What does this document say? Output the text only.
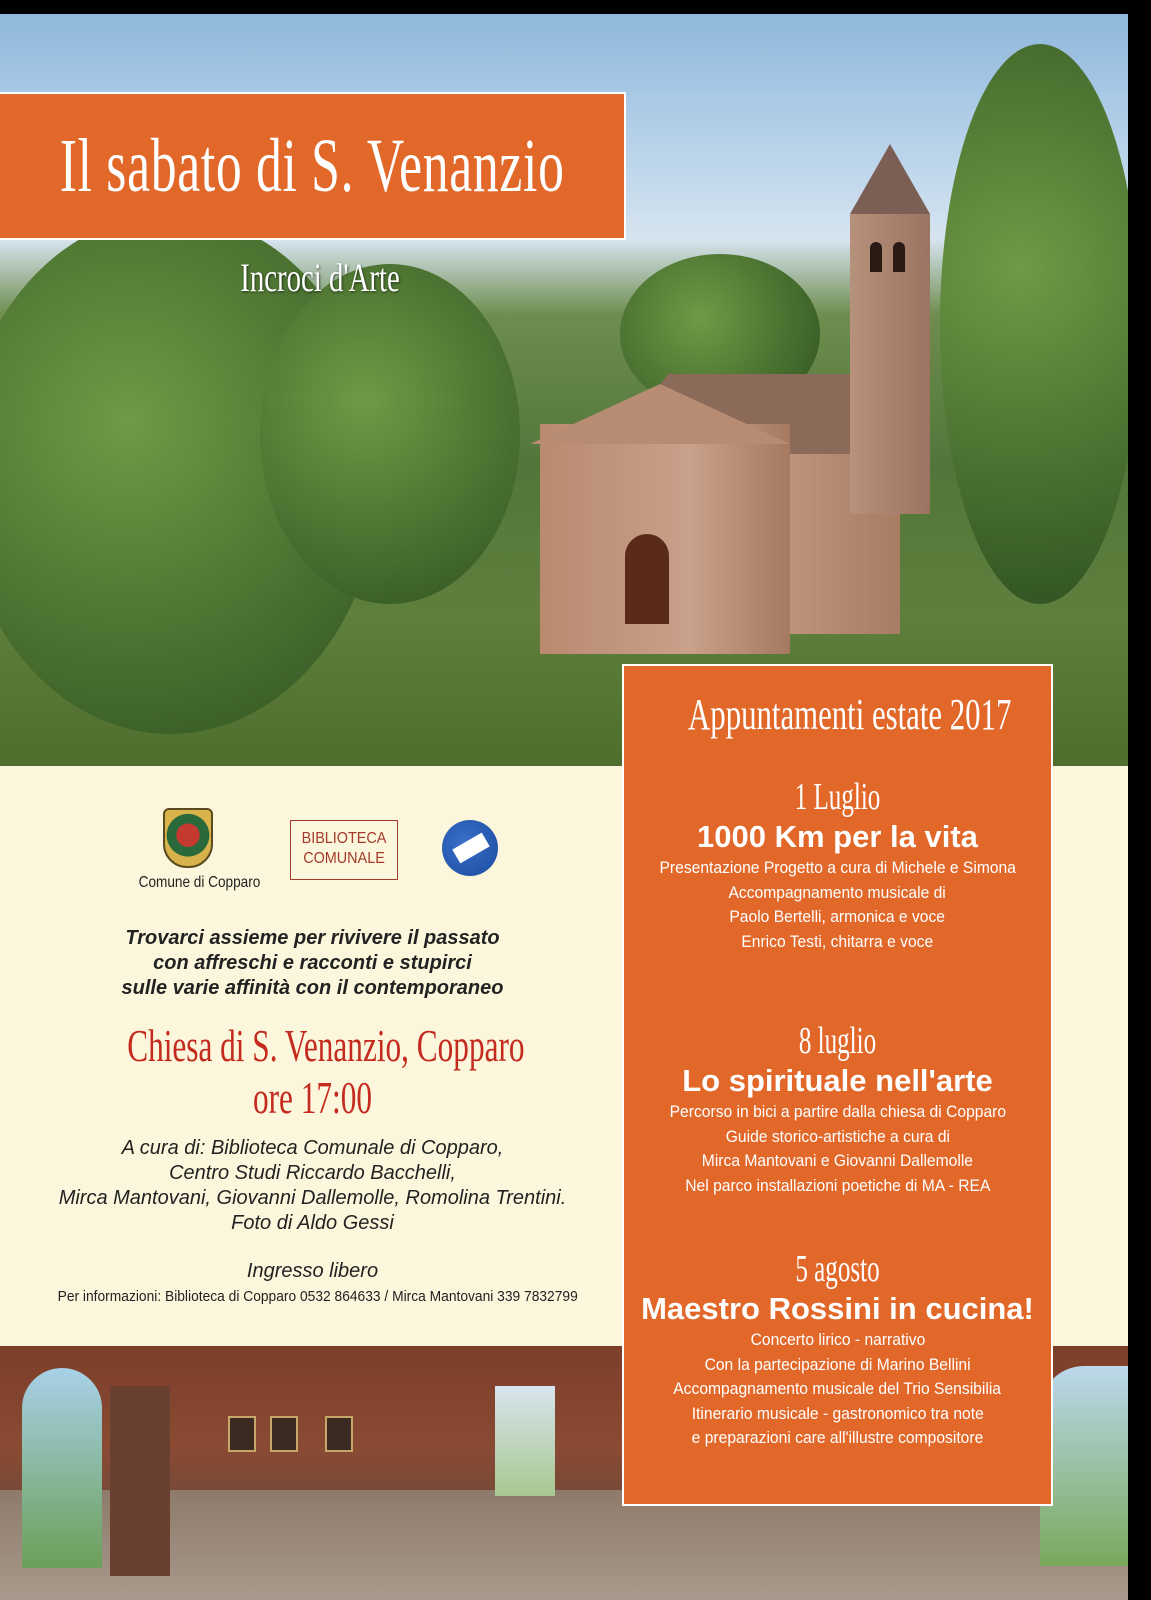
Il sabato di S. Venanzio
Incroci d'Arte
Comune di Copparo
BIBLIOTECA
COMUNALE
Trovarci assieme per rivivere il passato
con affreschi e racconti e stupirci
sulle varie affinità con il contemporaneo
Chiesa di S. Venanzio, Copparo
ore 17:00
A cura di: Biblioteca Comunale di Copparo,
Centro Studi Riccardo Bacchelli,
Mirca Mantovani, Giovanni Dallemolle, Romolina Trentini.
Foto di Aldo Gessi
Ingresso libero
Per informazioni: Biblioteca di Copparo 0532 864633 / Mirca Mantovani 339 7832799
Appuntamenti estate 2017
1 Luglio
1000 Km per la vita
Presentazione Progetto a cura di Michele e Simona
Accompagnamento musicale di
Paolo Bertelli, armonica e voce
Enrico Testi, chitarra e voce
8 luglio
Lo spirituale nell'arte
Percorso in bici a partire dalla chiesa di Copparo
Guide storico-artistiche a cura di
Mirca Mantovani e Giovanni Dallemolle
Nel parco installazioni poetiche di MA - REA
5 agosto
Maestro Rossini in cucina!
Concerto lirico - narrativo
Con la partecipazione di Marino Bellini
Accompagnamento musicale del Trio Sensibilia
Itinerario musicale - gastronomico tra note
e preparazioni care all'illustre compositore
